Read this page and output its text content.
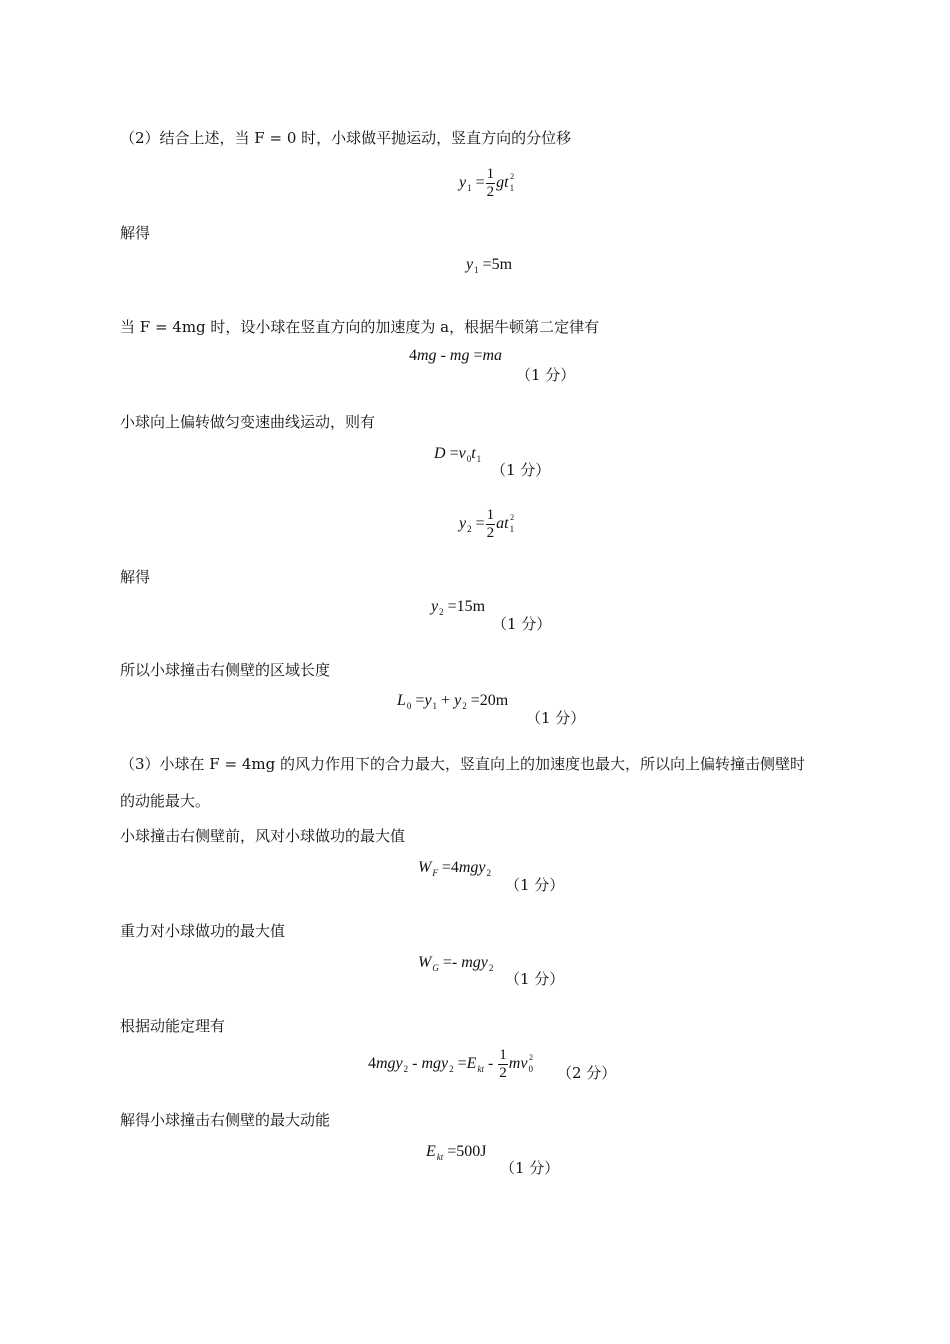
（2）结合上述，当 F = 0 时，小球做平抛运动，竖直方向的分位移
$y_1 = \frac{1}{2} gt_1^2$
解得
$y_1 =5m$
当 F = 4mg 时，设小球在竖直方向的加速度为 a，根据牛顿第二定律有
4mg - mg =ma
（1 分）
小球向上偏转做匀变速曲线运动，则有
$D =v_0t_1$
（1 分）
$y_2 = \frac{1}{2} at_1^2$
解得
$y_2 =15m$
（1 分）
所以小球撞击右侧壁的区域长度
$L_0 =y_1 + y_2 =20m$
（1 分）
（3）小球在 F = 4mg 的风力作用下的合力最大，竖直向上的加速度也最大，所以向上偏转撞击侧壁时
的动能最大。
小球撞击右侧壁前，风对小球做功的最大值
$W_F =4mgy_2$
（1 分）
重力对小球做功的最大值
$W_G =- mgy_2$
（1 分）
根据动能定理有
$4mgy_2 - mgy_2 =E_{kt} - \frac{1}{2} mv_0^2$
（2 分）
解得小球撞击右侧壁的最大动能
$E_{kt} =500J$
（1 分）
